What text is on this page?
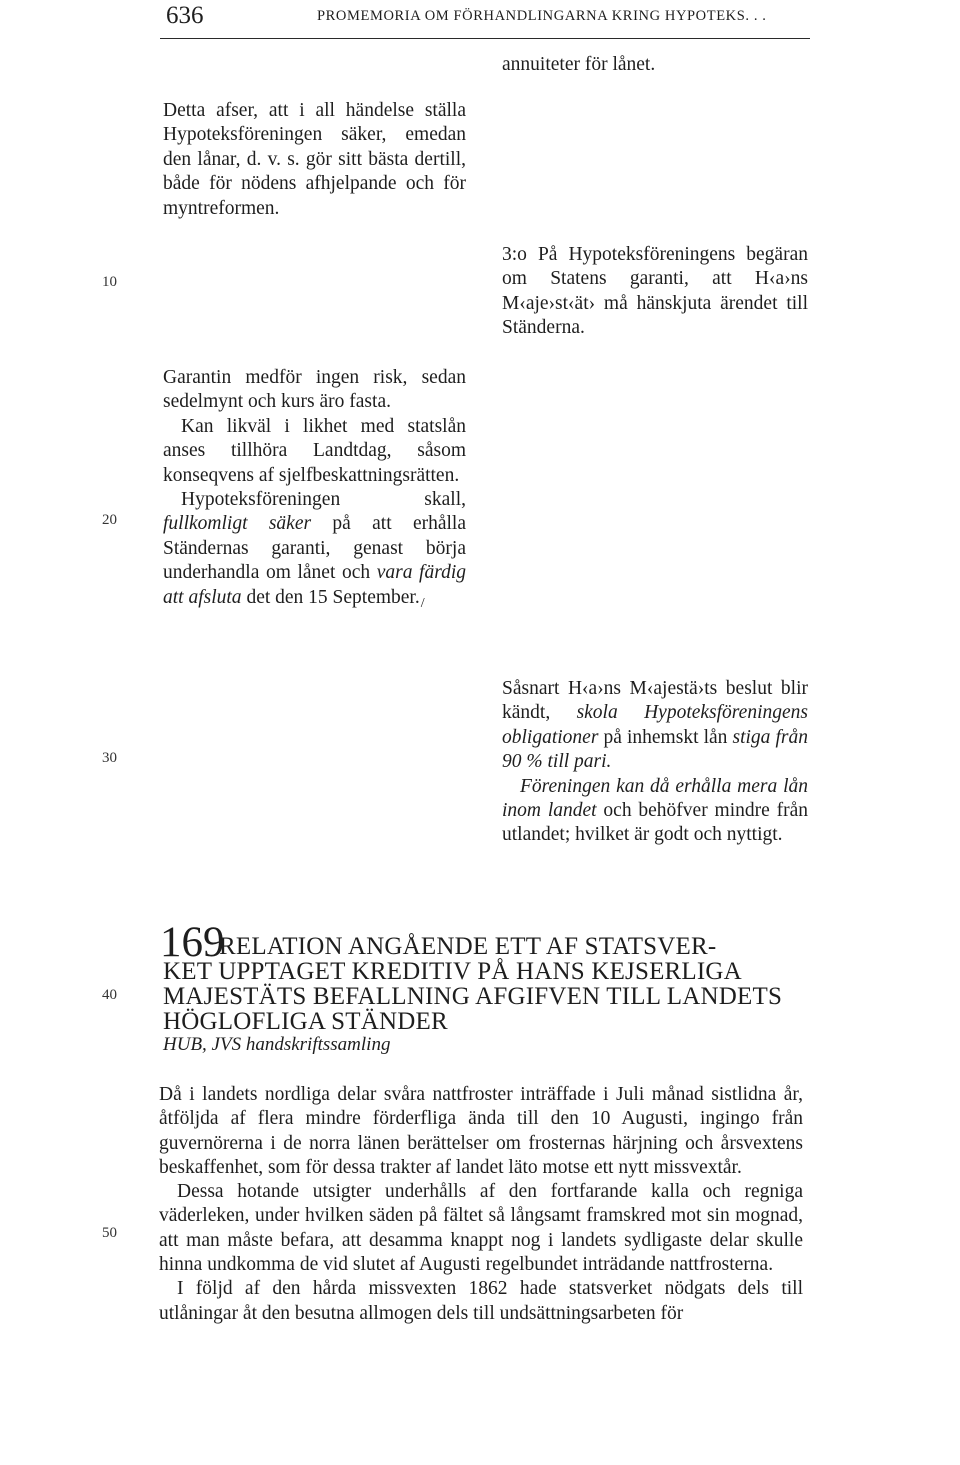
636	PROMEMORIA OM FÖRHANDLINGARNA KRING HYPOTEKS. . .
10
20
30
40
50

annuiteter för lånet.

3:o På Hypoteksföreningens begäran om Statens garanti, att H‹a›ns M‹aje›st‹ät› må hänskjuta ärendet till Ständerna.

Såsnart H‹a›ns M‹ajestä›ts beslut blir kändt, skola Hypoteksföreningens obligationer på inhemskt lån stiga från 90 % till pari.

Föreningen kan då erhålla mera lån inom landet och behöfver mindre från utlandet; hvilket är godt och nyttigt.

Detta afser, att i all händelse ställa Hypoteksföreningen säker, emedan den lånar, d. v. s. gör sitt bästa dertill, både för nödens afhjelpande och för myntreformen.

Garantin medför ingen risk, sedan sedelmynt och kurs äro fasta.

Kan likväl i likhet med statslån anses tillhöra Landtdag, såsom konseqvens af sjelfbeskattningsrätten.

Hypoteksföreningen skall, fullkomligt säker på att erhålla Ständernas garanti, genast börja underhandla om lånet och vara färdig att afsluta det den 15 $September._/$

169
RELATION ANGÅENDE ETT AF STATSVER-
KET UPPTAGET KREDITIV PÅ HANS KEJSERLIGA MAJESTÄTS BEFALLNING AFGIFVEN TILL LANDETS HÖGLOFLIGA STÄNDER
HUB, JVS handskriftssamling

Då i landets nordliga delar svåra nattfroster inträffade i Juli månad sistlidna år, åtföljda af flera mindre förderfliga ända till den 10 Augusti, ingingo från guvernörerna i de norra länen berättelser om frosternas härjning och årsvextens beskaffenhet, som för dessa trakter af landet läto motse ett nytt missvextår.

Dessa hotande utsigter underhålls af den fortfarande kalla och regniga väderleken, under hvilken säden på fältet så långsamt framskred mot sin mognad, att man måste befara, att desamma knappt nog i landets sydligaste delar skulle hinna undkomma de vid slutet af Augusti regelbundet inträdande nattfrosterna.

I följd af den hårda missvexten 1862 hade statsverket nödgats dels till utlåningar åt den besutna allmogen dels till undsättningsarbeten för
